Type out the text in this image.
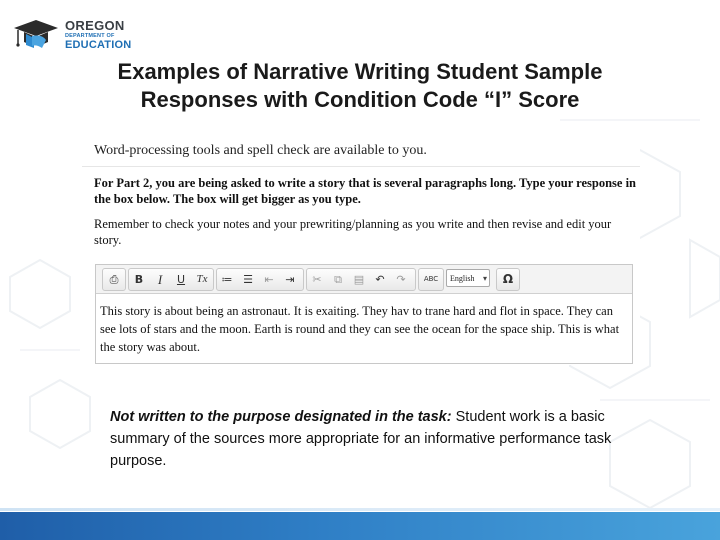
OREGON
DEPARTMENT OF
EDUCATION
Examples of Narrative Writing Student Sample
Responses with Condition Code “I” Score
Word-processing tools and spell check are available to you.
For Part 2, you are being asked to write a story that is several paragraphs long. Type your response in the box below. The box will get bigger as you type.
Remember to check your notes and your prewriting/planning as you write and then revise and edit your story.
⎙	B	I	U	Tx	≔ ☰	⇤	⇥	✂	⧉	▤	↶	↷	ABC	English ▾	Ω
This story is about being an astronaut. It is exaiting. They hav to trane hard and flot in space. They can see lots of stars and the moon. Earth is round and they can see the ocean for the space ship. This is what the story was about.
Not written to the purpose designated in the task: Student work is a basic summary of the sources more appropriate for an informative performance task purpose.
